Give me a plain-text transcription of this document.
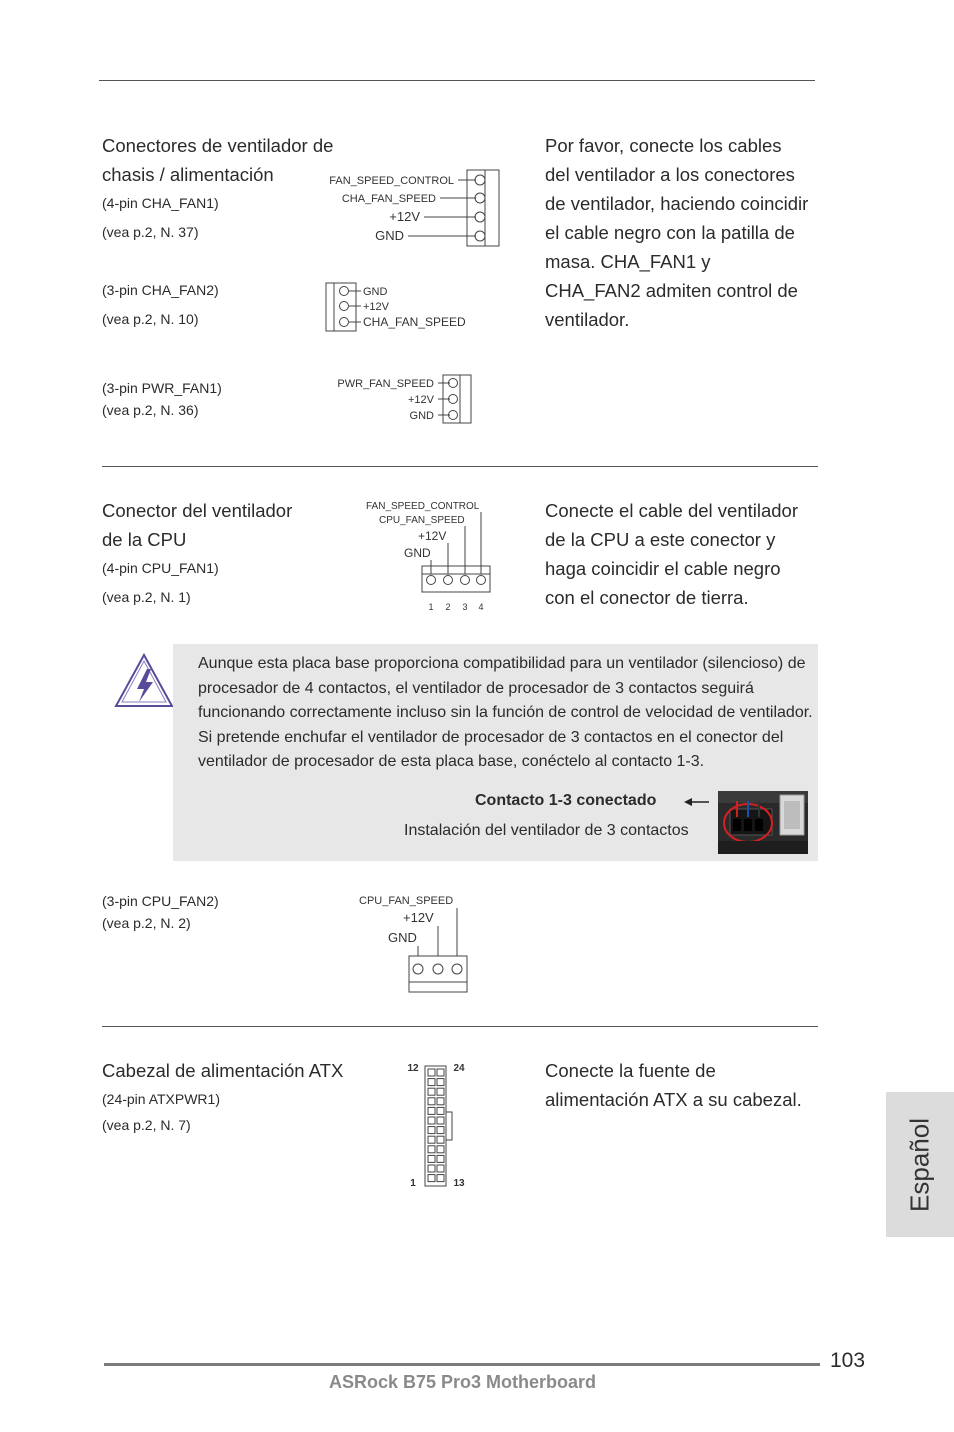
Conectores de ventilador de
chasis / alimentación
(4-pin CHA_FAN1)
(vea p.2, N. 37)
(3-pin CHA_FAN2)
(vea p.2, N. 10)
(3-pin PWR_FAN1)
(vea p.2, N. 36)
Por favor, conecte los cables
del ventilador a los conectores
de ventilador, haciendo coincidir
el cable negro con la patilla de
masa. CHA_FAN1 y
CHA_FAN2 admiten control de
ventilador.
FAN_SPEED_CONTROL
CHA_FAN_SPEED
+12V
GND
GND
+12V
CHA_FAN_SPEED
PWR_FAN_SPEED
+12V
GND
Conector del ventilador
de la CPU
(4-pin CPU_FAN1)
(vea p.2, N. 1)
Conecte el cable del ventilador
de la CPU a este conector y
haga coincidir el cable negro
con el conector de tierra.
FAN_SPEED_CONTROL
CPU_FAN_SPEED
+12V
GND
1 2 3 4
Aunque esta placa base proporciona compatibilidad para un ventilador (silencioso) de procesador de 4 contactos, el ventilador de procesador de 3 contactos seguirá funcionando correctamente incluso sin la función de control de velocidad de ventilador. Si pretende enchufar el ventilador de procesador de 3 contactos en el conector del ventilador de procesador de esta placa base, conéctelo al contacto 1-3.
Contacto 1-3 conectado
Instalación del ventilador de 3 contactos
(3-pin CPU_FAN2)
(vea p.2, N. 2)
CPU_FAN_SPEED
+12V
GND
Cabezal de alimentación ATX
(24-pin ATXPWR1)
(vea p.2, N. 7)
Conecte la fuente de
alimentación ATX a su cabezal.
12	24
1	13	Español
103
ASRock B75 Pro3 Motherboard
